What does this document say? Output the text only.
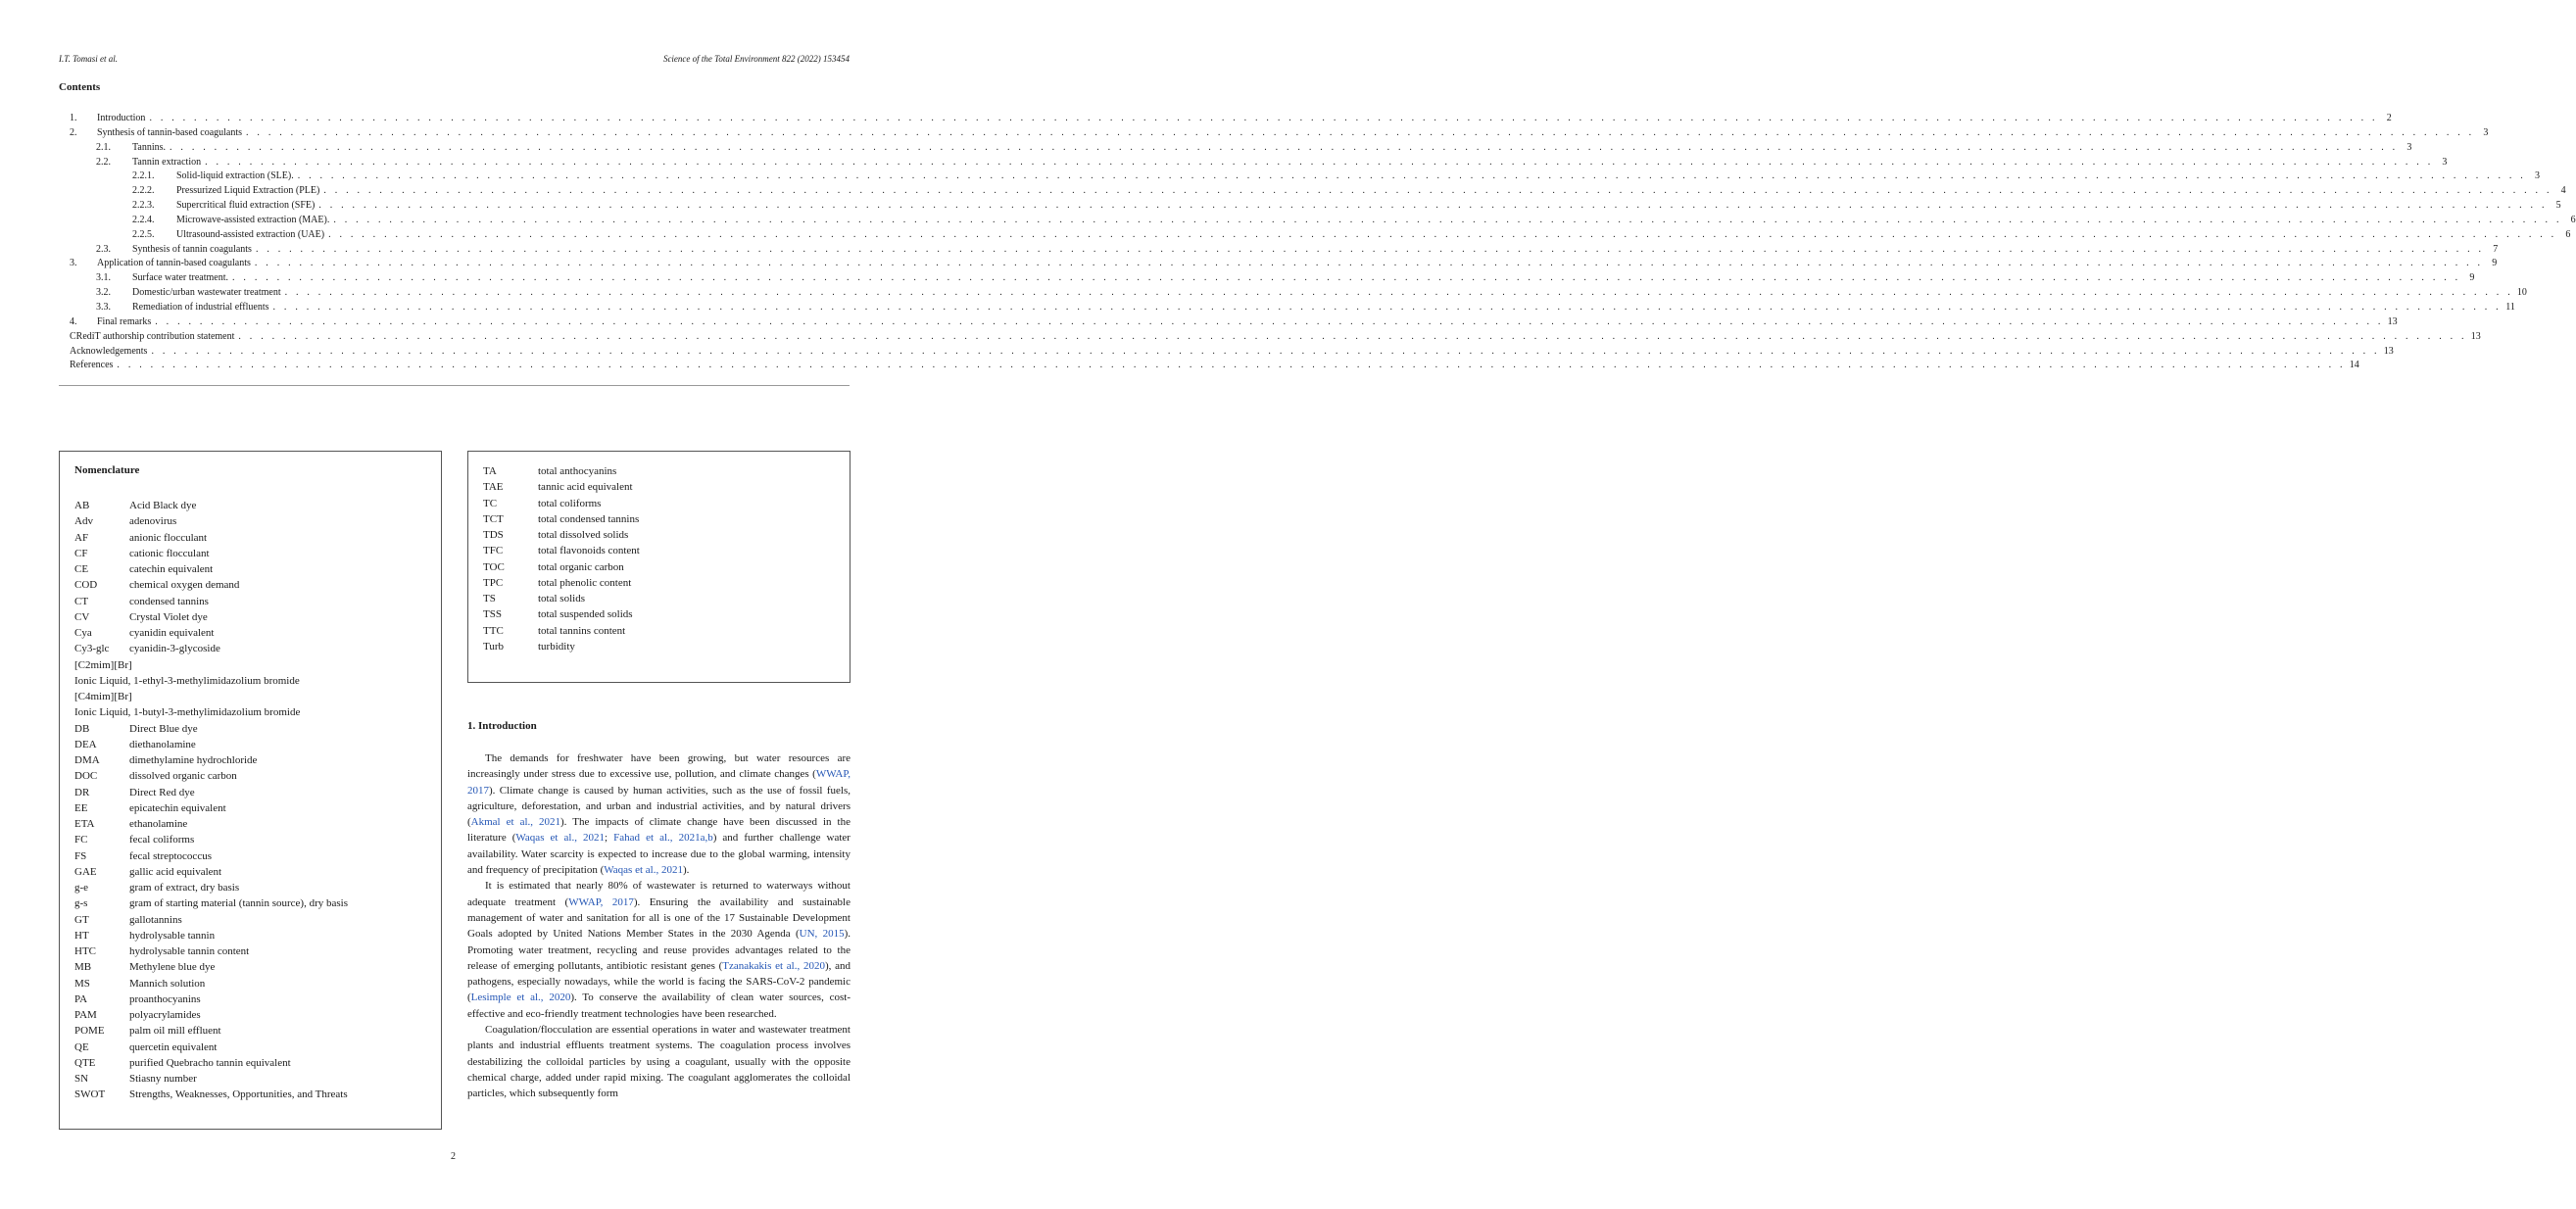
I.T. Tomasi et al.	Science of the Total Environment 822 (2022) 153454
Contents
1.	Introduction . . . . . . . . . . . . . . . . . . . . . . . . . . . . . . . . . . . . . . . . . . . . . . . . . . . . . . . . . . . . . . . . . . . . . . . . . . . . . . . . . . . . . . . . . . . . . . . . . . . . . . . . . . . . . . . . . . . . . . . . . . . . . . . . . . . . . . . . . . . . . . . . . . . . . . . . . . . . . . . . . . . . . . . . . . . . . . . . . . . . . . . . . . . . . . . . . . . . . . . . 2
2.	Synthesis of tannin-based coagulants . . . . . . . . . . . . . . . . . . . . . . . . . . . . . . . . . . . . . . . . . . . . . . . . . . . . . . . . . . . . . . . . . . . . . . . . . . . . . . . . . . . . . . . . . . . . . . . . . . . . . . . . . . . . . . . . . . . . . . . . . . . . . . . . . . . . . . . . . . . . . . . . . . . . . . . . . . . . . . . . . . . . . . . . . . . . . . . . . . . . . . . . . . . . . . . . . . . . . . . . 3
2.1.	Tannins. . . . . . . . . . . . . . . . . . . . . . . . . . . . . . . . . . . . . . . . . . . . . . . . . . . . . . . . . . . . . . . . . . . . . . . . . . . . . . . . . . . . . . . . . . . . . . . . . . . . . . . . . . . . . . . . . . . . . . . . . . . . . . . . . . . . . . . . . . . . . . . . . . . . . . . . . . . . . . . . . . . . . . . . . . . . . . . . . . . . . . . . . . . . . . . . . . . . . . . . . 3
2.2.	Tannin extraction . . . . . . . . . . . . . . . . . . . . . . . . . . . . . . . . . . . . . . . . . . . . . . . . . . . . . . . . . . . . . . . . . . . . . . . . . . . . . . . . . . . . . . . . . . . . . . . . . . . . . . . . . . . . . . . . . . . . . . . . . . . . . . . . . . . . . . . . . . . . . . . . . . . . . . . . . . . . . . . . . . . . . . . . . . . . . . . . . . . . . . . . . . . . . . . . . . . . . . . . 3
2.2.1.	Solid-liquid extraction (SLE). . . . . . . . . . . . . . . . . . . . . . . . . . . . . . . . . . . . . . . . . . . . . . . . . . . . . . . . . . . . . . . . . . . . . . . . . . . . . . . . . . . . . . . . . . . . . . . . . . . . . . . . . . . . . . . . . . . . . . . . . . . . . . . . . . . . . . . . . . . . . . . . . . . . . . . . . . . . . . . . . . . . . . . . . . . . . . . . . . . . . . . . . . . . . . . . . . . . . . . . . 3
2.2.2.	Pressurized Liquid Extraction (PLE) . . . . . . . . . . . . . . . . . . . . . . . . . . . . . . . . . . . . . . . . . . . . . . . . . . . . . . . . . . . . . . . . . . . . . . . . . . . . . . . . . . . . . . . . . . . . . . . . . . . . . . . . . . . . . . . . . . . . . . . . . . . . . . . . . . . . . . . . . . . . . . . . . . . . . . . . . . . . . . . . . . . . . . . . . . . . . . . . . . . . . . . . . . . . . . . . . . . . . . . . 4
2.2.3.	Supercritical fluid extraction (SFE) . . . . . . . . . . . . . . . . . . . . . . . . . . . . . . . . . . . . . . . . . . . . . . . . . . . . . . . . . . . . . . . . . . . . . . . . . . . . . . . . . . . . . . . . . . . . . . . . . . . . . . . . . . . . . . . . . . . . . . . . . . . . . . . . . . . . . . . . . . . . . . . . . . . . . . . . . . . . . . . . . . . . . . . . . . . . . . . . . . . . . . . . . . . . . . . . . . . . . . . . 5
2.2.4.	Microwave-assisted extraction (MAE). . . . . . . . . . . . . . . . . . . . . . . . . . . . . . . . . . . . . . . . . . . . . . . . . . . . . . . . . . . . . . . . . . . . . . . . . . . . . . . . . . . . . . . . . . . . . . . . . . . . . . . . . . . . . . . . . . . . . . . . . . . . . . . . . . . . . . . . . . . . . . . . . . . . . . . . . . . . . . . . . . . . . . . . . . . . . . . . . . . . . . . . . . . . . . . . . . . . . . . . . 6
2.2.5.	Ultrasound-assisted extraction (UAE) . . . . . . . . . . . . . . . . . . . . . . . . . . . . . . . . . . . . . . . . . . . . . . . . . . . . . . . . . . . . . . . . . . . . . . . . . . . . . . . . . . . . . . . . . . . . . . . . . . . . . . . . . . . . . . . . . . . . . . . . . . . . . . . . . . . . . . . . . . . . . . . . . . . . . . . . . . . . . . . . . . . . . . . . . . . . . . . . . . . . . . . . . . . . . . . . . . . . . . . . 6
2.3.	Synthesis of tannin coagulants . . . . . . . . . . . . . . . . . . . . . . . . . . . . . . . . . . . . . . . . . . . . . . . . . . . . . . . . . . . . . . . . . . . . . . . . . . . . . . . . . . . . . . . . . . . . . . . . . . . . . . . . . . . . . . . . . . . . . . . . . . . . . . . . . . . . . . . . . . . . . . . . . . . . . . . . . . . . . . . . . . . . . . . . . . . . . . . . . . . . . . . . . . . . . . . . . . . . . . . . 7
3.	Application of tannin-based coagulants . . . . . . . . . . . . . . . . . . . . . . . . . . . . . . . . . . . . . . . . . . . . . . . . . . . . . . . . . . . . . . . . . . . . . . . . . . . . . . . . . . . . . . . . . . . . . . . . . . . . . . . . . . . . . . . . . . . . . . . . . . . . . . . . . . . . . . . . . . . . . . . . . . . . . . . . . . . . . . . . . . . . . . . . . . . . . . . . . . . . . . . . . . . . . . . . . . . . . . . . 9
3.1.	Surface water treatment. . . . . . . . . . . . . . . . . . . . . . . . . . . . . . . . . . . . . . . . . . . . . . . . . . . . . . . . . . . . . . . . . . . . . . . . . . . . . . . . . . . . . . . . . . . . . . . . . . . . . . . . . . . . . . . . . . . . . . . . . . . . . . . . . . . . . . . . . . . . . . . . . . . . . . . . . . . . . . . . . . . . . . . . . . . . . . . . . . . . . . . . . . . . . . . . . . . . . . . . . 9
3.2.	Domestic/urban wastewater treatment . . . . . . . . . . . . . . . . . . . . . . . . . . . . . . . . . . . . . . . . . . . . . . . . . . . . . . . . . . . . . . . . . . . . . . . . . . . . . . . . . . . . . . . . . . . . . . . . . . . . . . . . . . . . . . . . . . . . . . . . . . . . . . . . . . . . . . . . . . . . . . . . . . . . . . . . . . . . . . . . . . . . . . . . . . . . . . . . . . . . . . . . . . . . . . . . . . . . . . . . 10
3.3.	Remediation of industrial effluents . . . . . . . . . . . . . . . . . . . . . . . . . . . . . . . . . . . . . . . . . . . . . . . . . . . . . . . . . . . . . . . . . . . . . . . . . . . . . . . . . . . . . . . . . . . . . . . . . . . . . . . . . . . . . . . . . . . . . . . . . . . . . . . . . . . . . . . . . . . . . . . . . . . . . . . . . . . . . . . . . . . . . . . . . . . . . . . . . . . . . . . . . . . . . . . . . . . . . . . . 11
4.	Final remarks . . . . . . . . . . . . . . . . . . . . . . . . . . . . . . . . . . . . . . . . . . . . . . . . . . . . . . . . . . . . . . . . . . . . . . . . . . . . . . . . . . . . . . . . . . . . . . . . . . . . . . . . . . . . . . . . . . . . . . . . . . . . . . . . . . . . . . . . . . . . . . . . . . . . . . . . . . . . . . . . . . . . . . . . . . . . . . . . . . . . . . . . . . . . . . . . . . . . . . . . 13
CRediT authorship contribution statement . . . . . . . . . . . . . . . . . . . . . . . . . . . . . . . . . . . . . . . . . . . . . . . . . . . . . . . . . . . . . . . . . . . . . . . . . . . . . . . . . . . . . . . . . . . . . . . . . . . . . . . . . . . . . . . . . . . . . . . . . . . . . . . . . . . . . . . . . . . . . . . . . . . . . . . . . . . . . . . . . . . . . . . . . . . . . . . . . . . . . . . . . . . . . . . . . . . . . . . . 13
Acknowledgements . . . . . . . . . . . . . . . . . . . . . . . . . . . . . . . . . . . . . . . . . . . . . . . . . . . . . . . . . . . . . . . . . . . . . . . . . . . . . . . . . . . . . . . . . . . . . . . . . . . . . . . . . . . . . . . . . . . . . . . . . . . . . . . . . . . . . . . . . . . . . . . . . . . . . . . . . . . . . . . . . . . . . . . . . . . . . . . . . . . . . . . . . . . . . . . . . . . . . . . . 13
References . . . . . . . . . . . . . . . . . . . . . . . . . . . . . . . . . . . . . . . . . . . . . . . . . . . . . . . . . . . . . . . . . . . . . . . . . . . . . . . . . . . . . . . . . . . . . . . . . . . . . . . . . . . . . . . . . . . . . . . . . . . . . . . . . . . . . . . . . . . . . . . . . . . . . . . . . . . . . . . . . . . . . . . . . . . . . . . . . . . . . . . . . . . . . . . . . . . . . . . . 14
Nomenclature
AB	Acid Black dye
Adv	adenovirus
AF	anionic flocculant
CF	cationic flocculant
CE	catechin equivalent
COD	chemical oxygen demand
CT	condensed tannins
CV	Crystal Violet dye
Cya	cyanidin equivalent
Cy3-glc	cyanidin-3-glycoside
[C2mim][Br]
Ionic Liquid, 1-ethyl-3-methylimidazolium bromide
[C4mim][Br]
Ionic Liquid, 1-butyl-3-methylimidazolium bromide
DB	Direct Blue dye
DEA	diethanolamine
DMA	dimethylamine hydrochloride
DOC	dissolved organic carbon
DR	Direct Red dye
EE	epicatechin equivalent
ETA	ethanolamine
FC	fecal coliforms
FS	fecal streptococcus
GAE	gallic acid equivalent
g-e	gram of extract, dry basis
g-s	gram of starting material (tannin source), dry basis
GT	gallotannins
HT	hydrolysable tannin
HTC	hydrolysable tannin content
MB	Methylene blue dye
MS	Mannich solution
PA	proanthocyanins
PAM	polyacrylamides
POME	palm oil mill effluent
QE	quercetin equivalent
QTE	purified Quebracho tannin equivalent
SN	Stiasny number
SWOT	Strengths, Weaknesses, Opportunities, and Threats
TA	total anthocyanins
TAE	tannic acid equivalent
TC	total coliforms
TCT	total condensed tannins
TDS	total dissolved solids
TFC	total flavonoids content
TOC	total organic carbon
TPC	total phenolic content
TS	total solids
TSS	total suspended solids
TTC	total tannins content
Turb	turbidity
1. Introduction

The demands for freshwater have been growing, but water resources are increasingly under stress due to excessive use, pollution, and climate changes (WWAP, 2017). Climate change is caused by human activities, such as the use of fossil fuels, agriculture, deforestation, and urban and industrial activities, and by natural drivers (Akmal et al., 2021). The impacts of climate change have been discussed in the literature (Waqas et al., 2021; Fahad et al., 2021a,b) and further challenge water availability. Water scarcity is expected to increase due to the global warming, intensity and frequency of precipitation (Waqas et al., 2021).

It is estimated that nearly 80% of wastewater is returned to waterways without adequate treatment (WWAP, 2017). Ensuring the availability and sustainable management of water and sanitation for all is one of the 17 Sustainable Development Goals adopted by United Nations Member States in the 2030 Agenda (UN, 2015). Promoting water treatment, recycling and reuse provides advantages related to the release of emerging pollutants, antibiotic resistant genes (Tzanakakis et al., 2020), and pathogens, especially nowadays, while the world is facing the SARS-CoV-2 pandemic (Lesimple et al., 2020). To conserve the availability of clean water sources, cost-effective and eco-friendly treatment technologies have been researched.

Coagulation/flocculation are essential operations in water and wastewater treatment plants and industrial effluents treatment systems. The coagulation process involves destabilizing the colloidal particles by using a coagulant, usually with the opposite chemical charge, added under rapid mixing. The coagulant agglomerates the colloidal particles, which subsequently form

2
